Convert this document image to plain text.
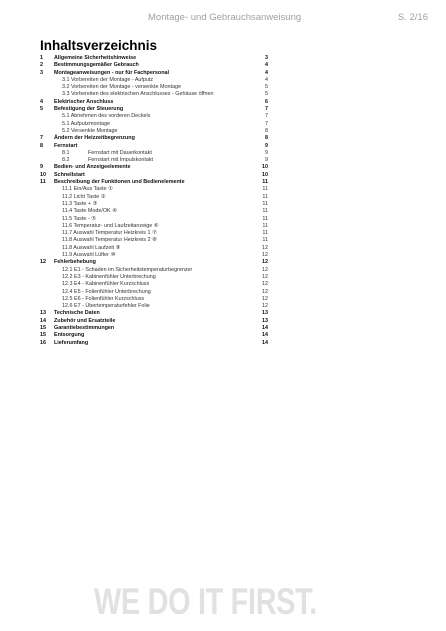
Montage- und Gebrauchsanweisung	S. 2/16
Inhaltsverzeichnis
1 Allgemeine Sicherheitshinweise	3
2 Bestimmungsgemäßer Gebrauch	4
3 Montageanweisungen - nur für Fachpersonal	4
3.1 Vorbereiten der Montage - Aufputz	4
3.2 Vorbereiten der Montage - versenkte Montage	5
3.3 Vorbereiten des elektrischen Anschlusses - Gehäuse öffnen	5
4 Elektrischer Anschluss	6
5 Befestigung der Steuerung	7
5.1 Abnehmen des vorderen Deckels	7
5.1 Aufputzmontage	7
5.2 Versenkte Montage	8
7 Ändern der Heizzeitbegrenzung	8
8 Fernstart	9
8.1	Fernstart mit Dauerkontakt	9
8.2	Fernstart mit Impulskontakt	9
9 Bedien- und Anzeigeelemente	10
10 Schnellstart	10
11 Beschreibung der Funktionen und Bedienelemente	11
11.1 Ein/Aus Taste ①	11
11.2 Licht Taste ②	11
11.3 Taste + ③	11
11.4 Taste Mode/OK ④	11
11.5 Taste - ⑤	11
11.6 Temperatur- und Laufzeitanzeige ⑥	11
11.7 Auswahl Temperatur Heizkreis 1 ⑦	11
11.8 Auswahl Temperatur Heizkreis 2 ⑧	11
11.8 Auswahl Laufzeit ⑨	12
11.9 Auswahl Lüfter ⑩	12
12 Fehlerbehebung	12
12.1 E1 - Schaden im Sicherheitstemperaturbegrenzer	12
12.2 E3 - Kabinenfühler Unterbrechung	12
12.3 E4 - Kabinenfühler Kurzschluss	12
12.4 E5 - Folienfühler Unterbrechung	12
12.5 E6 - Folienfühler Kurzschluss	12
12.6 E7 - Übertemperaturfehler Folie	12
13 Technische Daten	13
14 Zubehör und Ersatzteile	13
15 Garantiebestimmungen	14
15 Entsorgung	14
16 Lieferumfang	14
WE DO IT FIRST.
